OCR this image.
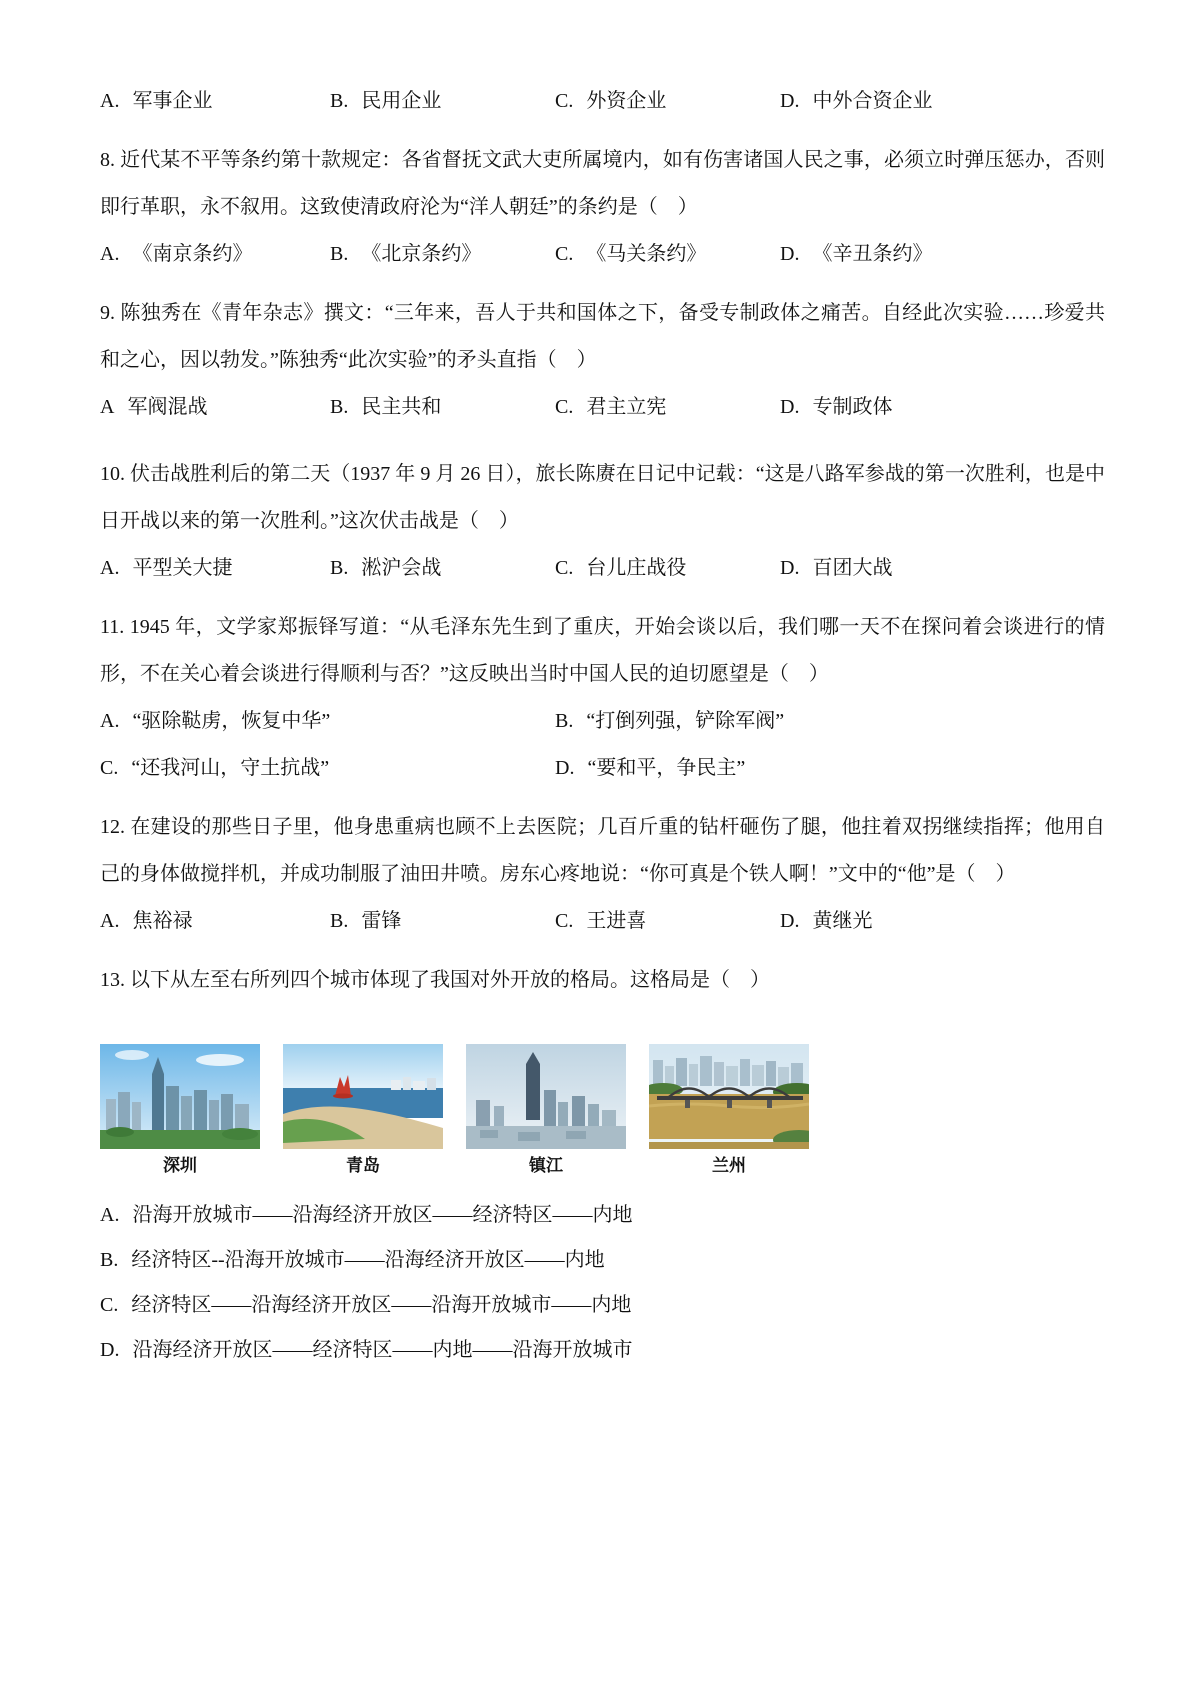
A. 军事企业	B. 民用企业	C. 外资企业	D. 中外合资企业

8. 近代某不平等条约第十款规定：各省督抚文武大吏所属境内，如有伤害诸国人民之事，必须立时弹压惩办，否则即行革职，永不叙用。这致使清政府沦为“洋人朝廷”的条约是（　）

A. 《南京条约》	B. 《北京条约》	C. 《马关条约》	D. 《辛丑条约》

9. 陈独秀在《青年杂志》撰文：“三年来，吾人于共和国体之下，备受专制政体之痛苦。自经此次实验……珍爱共和之心，因以勃发。”陈独秀“此次实验”的矛头直指（　）

A 军阀混战	B. 民主共和	C. 君主立宪	D. 专制政体

10. 伏击战胜利后的第二天（1937 年 9 月 26 日），旅长陈赓在日记中记载：“这是八路军参战的第一次胜利，也是中日开战以来的第一次胜利。”这次伏击战是（　）

A. 平型关大捷	B. 淞沪会战	C. 台儿庄战役	D. 百团大战

11. 1945 年，文学家郑振铎写道：“从毛泽东先生到了重庆，开始会谈以后，我们哪一天不在探问着会谈进行的情形，不在关心着会谈进行得顺利与否？”这反映出当时中国人民的迫切愿望是（　）

A. “驱除鞑虏，恢复中华”	B. “打倒列强，铲除军阀”
C. “还我河山，守土抗战”	D. “要和平，争民主”

12. 在建设的那些日子里，他身患重病也顾不上去医院；几百斤重的钻杆砸伤了腿，他拄着双拐继续指挥；他用自己的身体做搅拌机，并成功制服了油田井喷。房东心疼地说：“你可真是个铁人啊！”文中的“他”是（　）

A. 焦裕禄	B. 雷锋	C. 王进喜	D. 黄继光

13. 以下从左至右所列四个城市体现了我国对外开放的格局。这格局是（　）

深圳	青岛	镇江	兰州

A. 沿海开放城市——沿海经济开放区——经济特区——内地

B. 经济特区--沿海开放城市——沿海经济开放区——内地

C. 经济特区——沿海经济开放区——沿海开放城市——内地

D. 沿海经济开放区——经济特区——内地——沿海开放城市
